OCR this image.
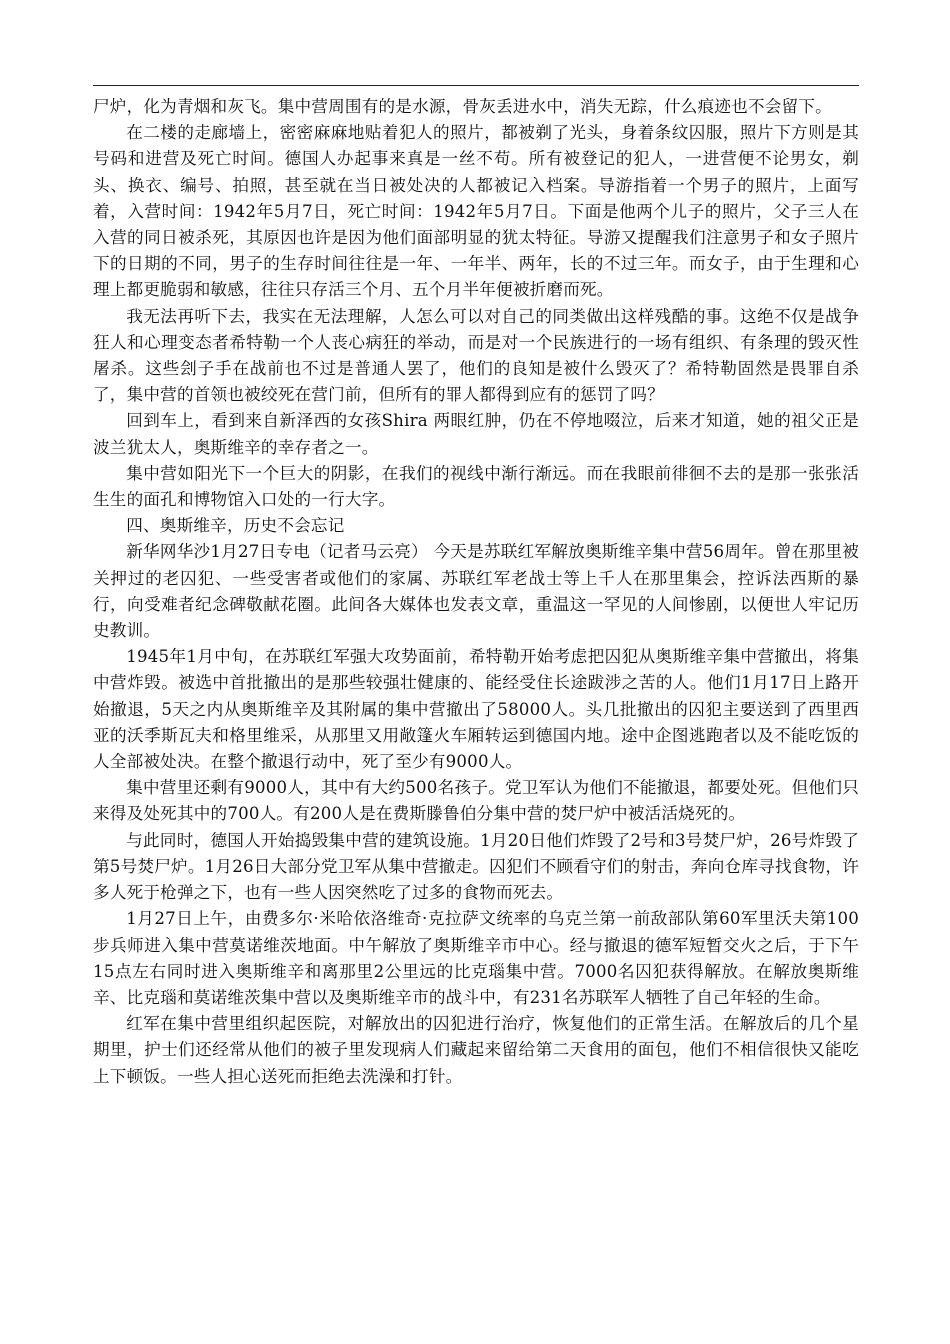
尸炉，化为青烟和灰飞。集中营周围有的是水源，骨灰丢进水中，消失无踪，什么痕迹也不会留下。

在二楼的走廊墙上，密密麻麻地贴着犯人的照片，都被剃了光头，身着条纹囚服，照片下方则是其号码和进营及死亡时间。德国人办起事来真是一丝不苟。所有被登记的犯人，一进营便不论男女，剃头、换衣、编号、拍照，甚至就在当日被处决的人都被记入档案。导游指着一个男子的照片，上面写着，入营时间：1942年5月7日，死亡时间：1942年5月7日。下面是他两个儿子的照片，父子三人在入营的同日被杀死，其原因也许是因为他们面部明显的犹太特征。导游又提醒我们注意男子和女子照片下的日期的不同，男子的生存时间往往是一年、一年半、两年，长的不过三年。而女子，由于生理和心理上都更脆弱和敏感，往往只存活三个月、五个月半年便被折磨而死。

我无法再听下去，我实在无法理解，人怎么可以对自己的同类做出这样残酷的事。这绝不仅是战争狂人和心理变态者希特勒一个人丧心病狂的举动，而是对一个民族进行的一场有组织、有条理的毁灭性屠杀。这些刽子手在战前也不过是普通人罢了，他们的良知是被什么毁灭了？希特勒固然是畏罪自杀了，集中营的首领也被绞死在营门前，但所有的罪人都得到应有的惩罚了吗？

回到车上，看到来自新泽西的女孩Shira 两眼红肿，仍在不停地啜泣，后来才知道，她的祖父正是波兰犹太人，奥斯维辛的幸存者之一。

集中营如阳光下一个巨大的阴影，在我们的视线中渐行渐远。而在我眼前徘徊不去的是那一张张活生生的面孔和博物馆入口处的一行大字。

四、奥斯维辛，历史不会忘记

新华网华沙1月27日专电（记者马云亮） 今天是苏联红军解放奥斯维辛集中营56周年。曾在那里被关押过的老囚犯、一些受害者或他们的家属、苏联红军老战士等上千人在那里集会，控诉法西斯的暴行，向受难者纪念碑敬献花圈。此间各大媒体也发表文章，重温这一罕见的人间惨剧，以便世人牢记历史教训。

1945年1月中旬，在苏联红军强大攻势面前，希特勒开始考虑把囚犯从奥斯维辛集中营撤出，将集中营炸毁。被选中首批撤出的是那些较强壮健康的、能经受住长途跋涉之苦的人。他们1月17日上路开始撤退，5天之内从奥斯维辛及其附属的集中营撤出了58000人。头几批撤出的囚犯主要送到了西里西亚的沃季斯瓦夫和格里维采，从那里又用敞篷火车厢转运到德国内地。途中企图逃跑者以及不能吃饭的人全部被处决。在整个撤退行动中，死了至少有9000人。

集中营里还剩有9000人，其中有大约500名孩子。党卫军认为他们不能撤退，都要处死。但他们只来得及处死其中的700人。有200人是在费斯滕鲁伯分集中营的焚尸炉中被活活烧死的。

与此同时，德国人开始捣毁集中营的建筑设施。1月20日他们炸毁了2号和3号焚尸炉，26号炸毁了第5号焚尸炉。1月26日大部分党卫军从集中营撤走。囚犯们不顾看守们的射击，奔向仓库寻找食物，许多人死于枪弹之下，也有一些人因突然吃了过多的食物而死去。

1月27日上午，由费多尔·米哈依洛维奇·克拉萨文统率的乌克兰第一前敌部队第60军里沃夫第100步兵师进入集中营莫诺维茨地面。中午解放了奥斯维辛市中心。经与撤退的德军短暂交火之后，于下午15点左右同时进入奥斯维辛和离那里2公里远的比克瑙集中营。7000名囚犯获得解放。在解放奥斯维辛、比克瑙和莫诺维茨集中营以及奥斯维辛市的战斗中，有231名苏联军人牺牲了自己年轻的生命。

红军在集中营里组织起医院，对解放出的囚犯进行治疗，恢复他们的正常生活。在解放后的几个星期里，护士们还经常从他们的被子里发现病人们藏起来留给第二天食用的面包，他们不相信很快又能吃上下顿饭。一些人担心送死而拒绝去洗澡和打针。
